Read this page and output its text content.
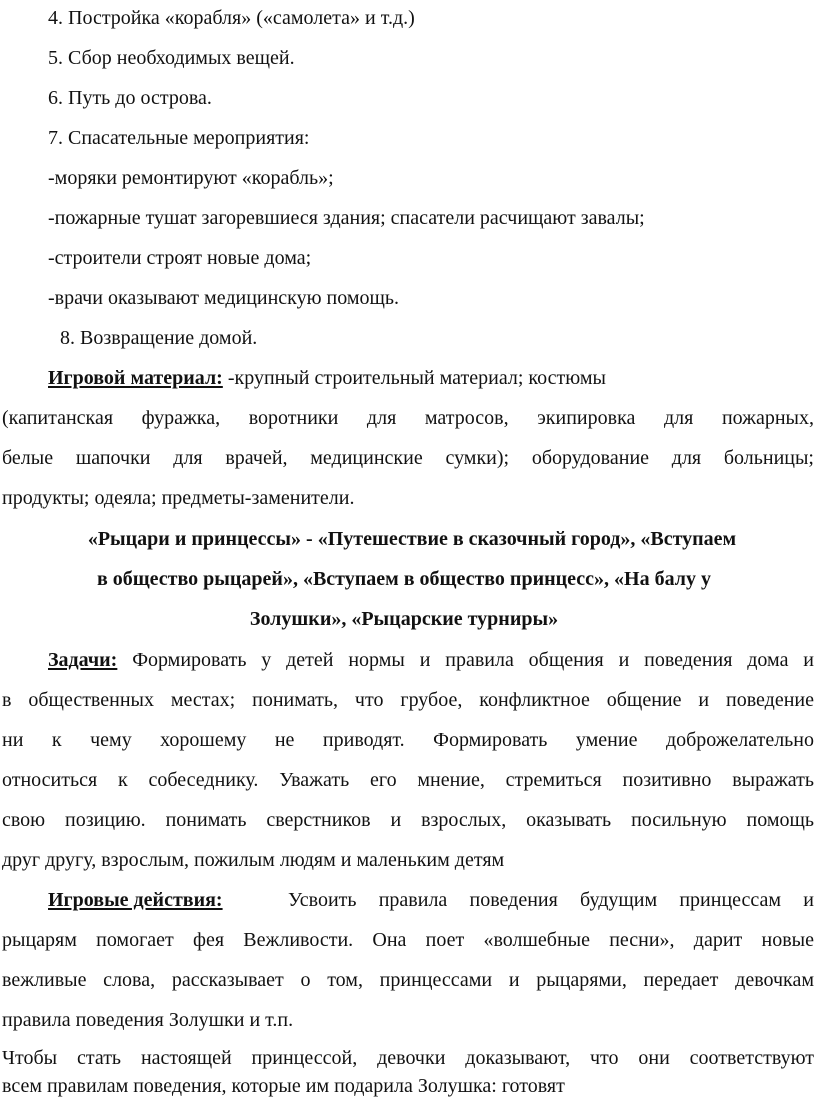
4. Постройка «корабля» («самолета» и т.д.)
5. Сбор необходимых вещей.
6. Путь до острова.
7. Спасательные мероприятия:
-моряки ремонтируют «корабль»;
-пожарные тушат загоревшиеся здания; спасатели расчищают завалы;
-строители строят новые дома;
-врачи оказывают медицинскую помощь.
8. Возвращение домой.
Игровой материал: -крупный строительный материал; костюмы
(капитанская фуражка, воротники для матросов, экипировка для пожарных,
белые шапочки для врачей, медицинские сумки); оборудование для больницы;
продукты; одеяла; предметы-заменители.
«Рыцари и принцессы» - «Путешествие в сказочный город», «Вступаем
в общество рыцарей», «Вступаем в общество принцесс», «На балу у
Золушки», «Рыцарские турниры»
Задачи: Формировать у детей нормы и правила общения и поведения дома и
в общественных местах; понимать, что грубое, конфликтное общение и поведение
ни к чему хорошему не приводят. Формировать умение доброжелательно
относиться к собеседнику. Уважать его мнение, стремиться позитивно выражать
свою позицию. понимать сверстников и взрослых, оказывать посильную помощь
друг другу, взрослым, пожилым людям и маленьким детям
Игровые действия:	Усвоить правила поведения будущим принцессам и
рыцарям помогает фея Вежливости. Она поет «волшебные песни», дарит новые
вежливые слова, рассказывает о том, принцессами и рыцарями, передает девочкам
правила поведения Золушки и т.п.
Чтобы стать настоящей принцессой, девочки доказывают, что они соответствуют
всем правилам поведения, которые им подарила Золушка: готовят
